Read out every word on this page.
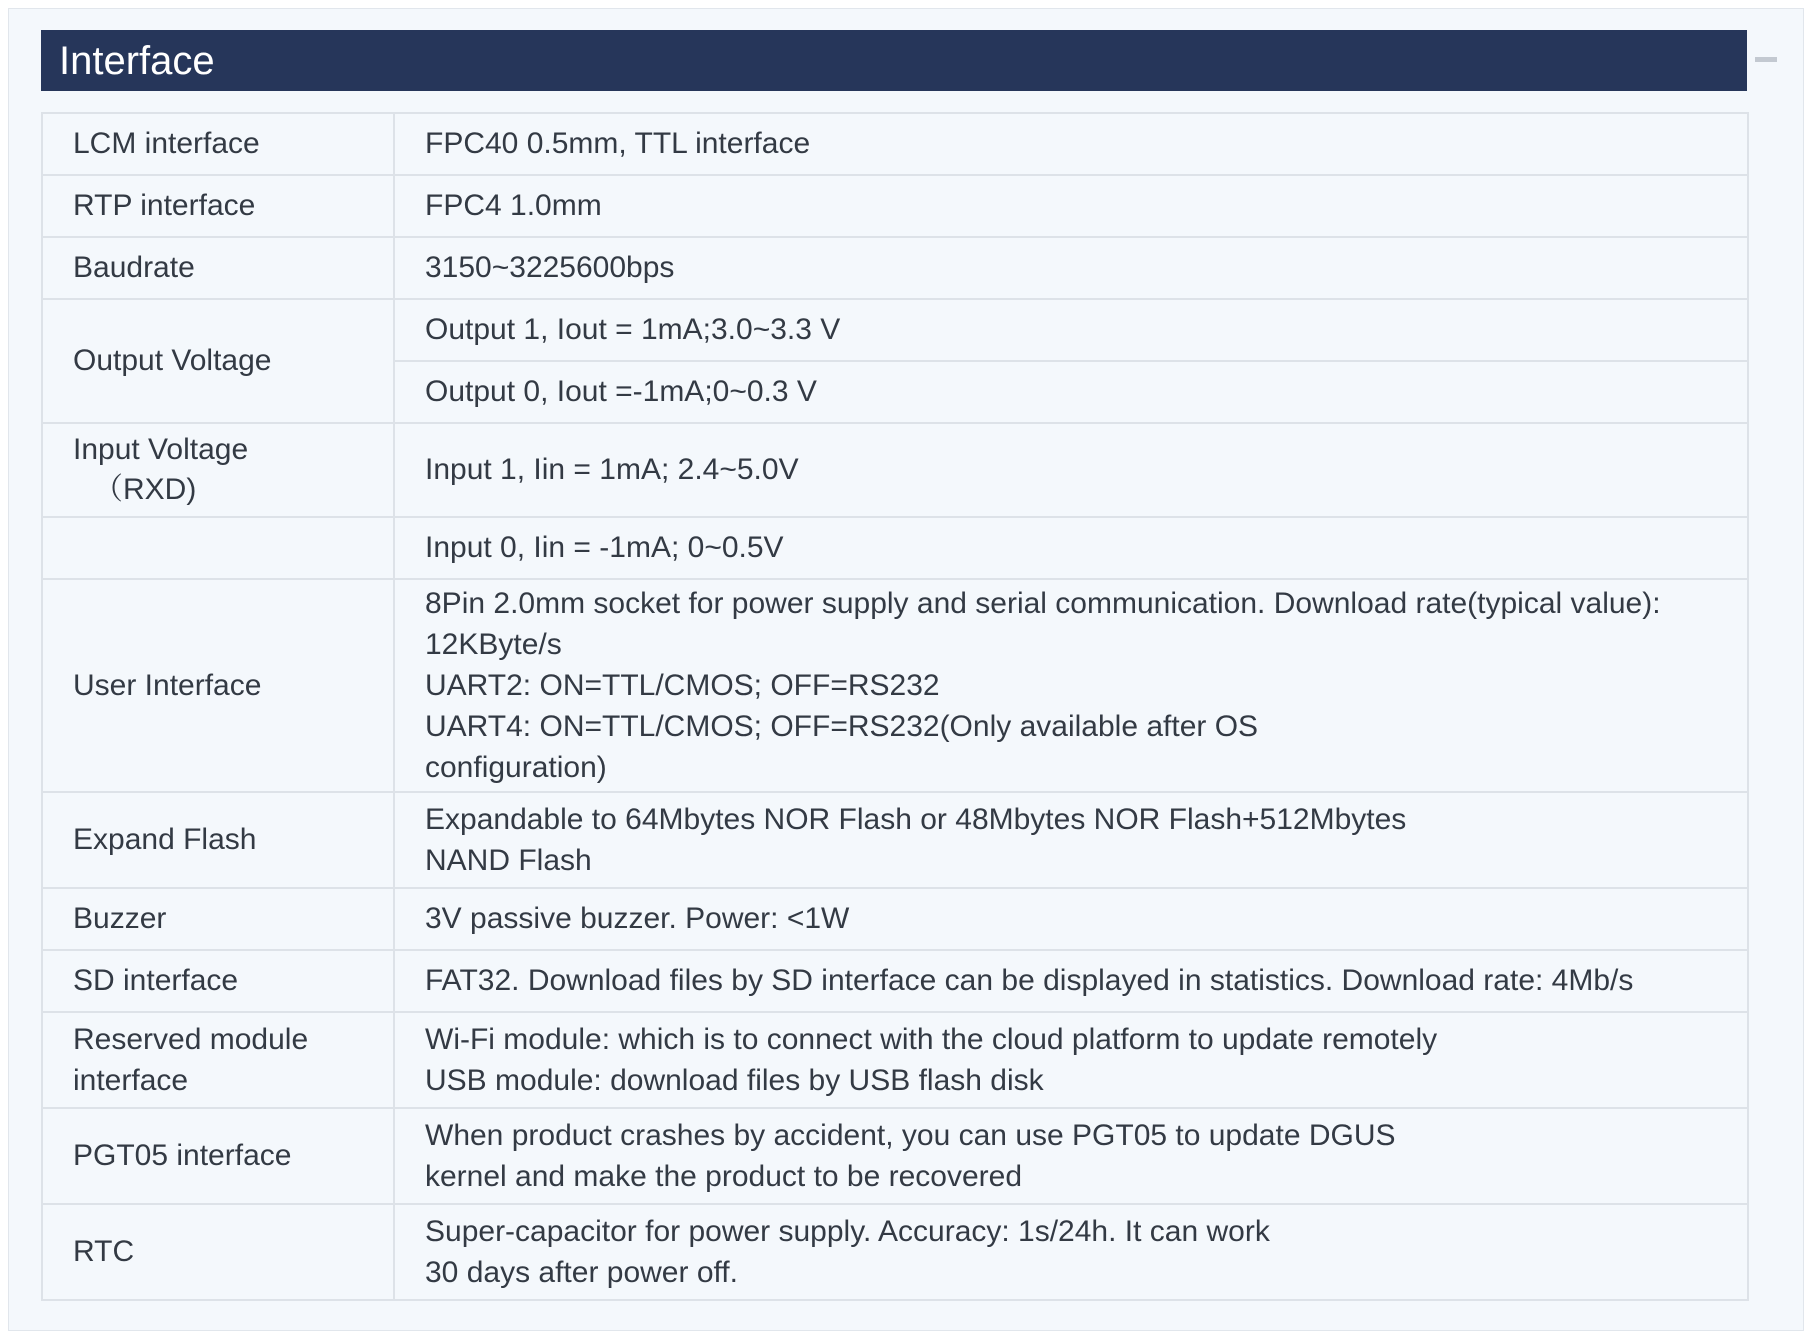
Interface
LCM interface	FPC40 0.5mm, TTL interface
RTP interface	FPC4 1.0mm
Baudrate	3150~3225600bps
Output Voltage	Output 1, Iout = 1mA;3.0~3.3 V
	Output 0, Iout =-1mA;0~0.3 V

Input Voltage
（RXD)	Input 1, Iin = 1mA; 2.4~5.0V
	Input 0, Iin = -1mA; 0~0.5V
User Interface	8Pin 2.0mm socket for power supply and serial communication. Download rate(typical value):
12KByte/s
UART2: ON=TTL/CMOS; OFF=RS232
UART4: ON=TTL/CMOS; OFF=RS232(Only available after OS
configuration)

Expand Flash	Expandable to 64Mbytes NOR Flash or 48Mbytes NOR Flash+512Mbytes
NAND Flash

Buzzer	3V passive buzzer. Power: <1W
SD interface	FAT32. Download files by SD interface can be displayed in statistics. Download rate: 4Mb/s

Reserved module
interface	Wi-Fi module: which is to connect with the cloud platform to update remotely
USB module: download files by USB flash disk

PGT05 interface	When product crashes by accident, you can use PGT05 to update DGUS
kernel and make the product to be recovered

RTC	Super-capacitor for power supply. Accuracy: 1s/24h. It can work
30 days after power off.
